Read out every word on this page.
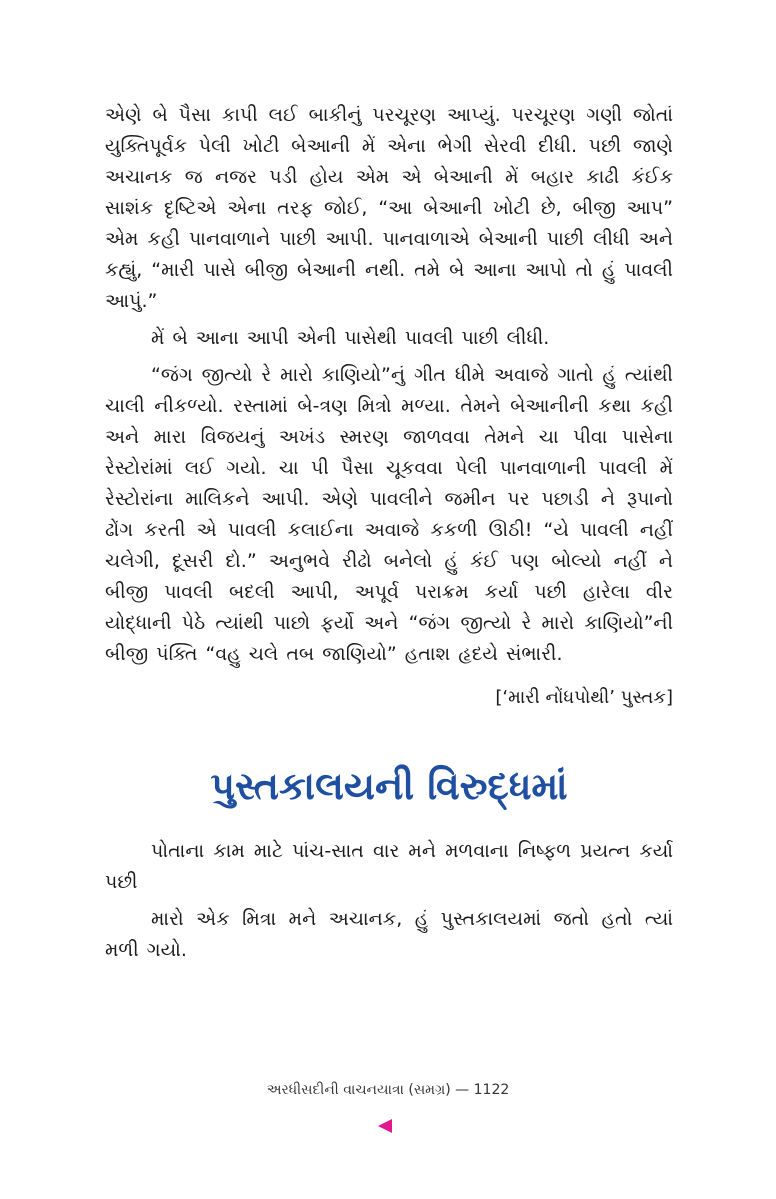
એણે બે પૈસા કાપી લઈ બાકીનું પરચૂરણ આપ્યું. પરચૂરણ ગણી જોતાં યુક્તિપૂર્વક પેલી ખોટી બેઆની મેં એના ભેગી સેરવી દીધી. પછી જાણે અચાનક જ નજર પડી હોય એમ એ બેઆની મેં બહાર કાઢી કંઈક સાશંક દૃષ્ટિએ એના તરફ જોઈ, “આ બેઆની ખોટી છે, બીજી આપ” એમ કહી પાનવાળાને પાછી આપી. પાનવાળાએ બેઆની પાછી લીધી અને કહ્યું, “મારી પાસે બીજી બેઆની નથી. તમે બે આના આપો તો હું પાવલી આપું.”

મેં બે આના આપી એની પાસેથી પાવલી પાછી લીધી.

“જંગ જીત્યો રે મારો કાણિયો”નું ગીત ધીમે અવાજે ગાતો હું ત્યાંથી ચાલી નીકળ્યો. રસ્તામાં બે-ત્રણ મિત્રો મળ્યા. તેમને બેઆનીની કથા કહી અને મારા વિજયનું અખંડ સ્મરણ જાળવવા તેમને ચા પીવા પાસેના રેસ્ટોરાંમાં લઈ ગયો. ચા પી પૈસા ચૂકવવા પેલી પાનવાળાની પાવલી મેં રેસ્ટોરાંના માલિકને આપી. એણે પાવલીને જમીન પર પછાડી ને રૂપાનો ઢોંગ કરતી એ પાવલી કલાઈના અવાજે કકળી ઊઠી! “યે પાવલી નહીં ચલેગી, દૂસરી દો.” અનુભવે રીઢો બનેલો હું કંઈ પણ બોલ્યો નહીં ને બીજી પાવલી બદલી આપી, અપૂર્વ પરાક્રમ કર્યા પછી હારેલા વીર યોદ્ધાની પેઠે ત્યાંથી પાછો ફર્યો અને “જંગ જીત્યો રે મારો કાણિયો”ની બીજી પંક્તિ “વહુ ચલે તબ જાણિયો” હતાશ હૃદયે સંભારી.

[‘મારી નોંધપોથી’ પુસ્તક]
પુસ્તકાલયની વિરુદ્ધમાં

પોતાના કામ માટે પાંચ-સાત વાર મને મળવાના નિષ્ફળ પ્રયત્ન કર્યા પછી

મારો એક મિત્રા મને અચાનક, હું પુસ્તકાલયમાં જતો હતો ત્યાં મળી ગયો.

અરધીસદીની વાચનયાત્રા (સમગ્ર) — 1122
